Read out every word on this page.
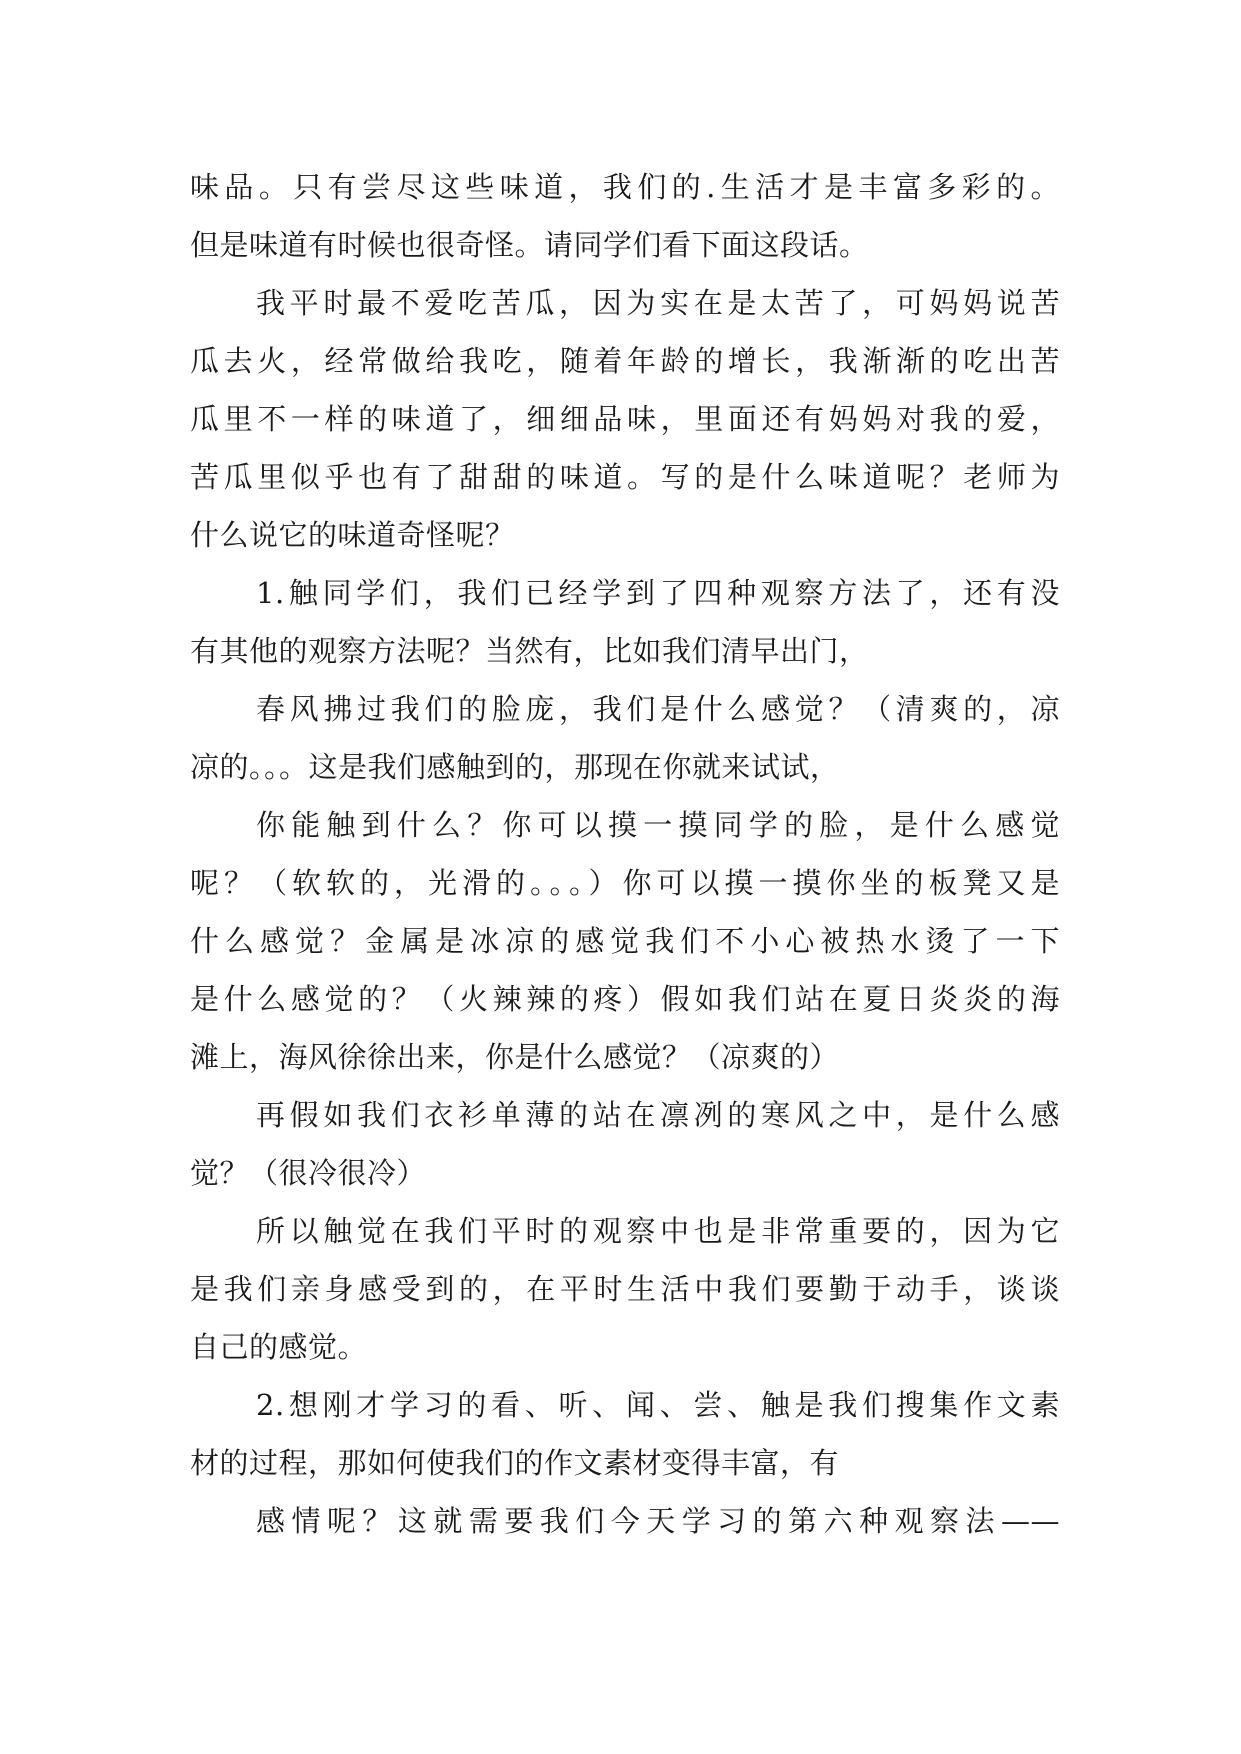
味品。只有尝尽这些味道，我们的.生活才是丰富多彩的。
但是味道有时候也很奇怪。请同学们看下面这段话。
我平时最不爱吃苦瓜，因为实在是太苦了，可妈妈说苦
瓜去火，经常做给我吃，随着年龄的增长，我渐渐的吃出苦
瓜里不一样的味道了，细细品味，里面还有妈妈对我的爱，
苦瓜里似乎也有了甜甜的味道。写的是什么味道呢？老师为
什么说它的味道奇怪呢？
1.触同学们，我们已经学到了四种观察方法了，还有没
有其他的观察方法呢？当然有，比如我们清早出门，
春风拂过我们的脸庞，我们是什么感觉？（清爽的，凉
凉的。。。这是我们感触到的，那现在你就来试试，
你能触到什么？你可以摸一摸同学的脸，是什么感觉
呢？（软软的，光滑的。。。）你可以摸一摸你坐的板凳又是
什么感觉？金属是冰凉的感觉我们不小心被热水烫了一下
是什么感觉的？（火辣辣的疼）假如我们站在夏日炎炎的海
滩上，海风徐徐出来，你是什么感觉？（凉爽的）
再假如我们衣衫单薄的站在凛冽的寒风之中，是什么感
觉？（很冷很冷）
所以触觉在我们平时的观察中也是非常重要的，因为它
是我们亲身感受到的，在平时生活中我们要勤于动手，谈谈
自己的感觉。
2.想刚才学习的看、听、闻、尝、触是我们搜集作文素
材的过程，那如何使我们的作文素材变得丰富，有
感情呢？这就需要我们今天学习的第六种观察法——
